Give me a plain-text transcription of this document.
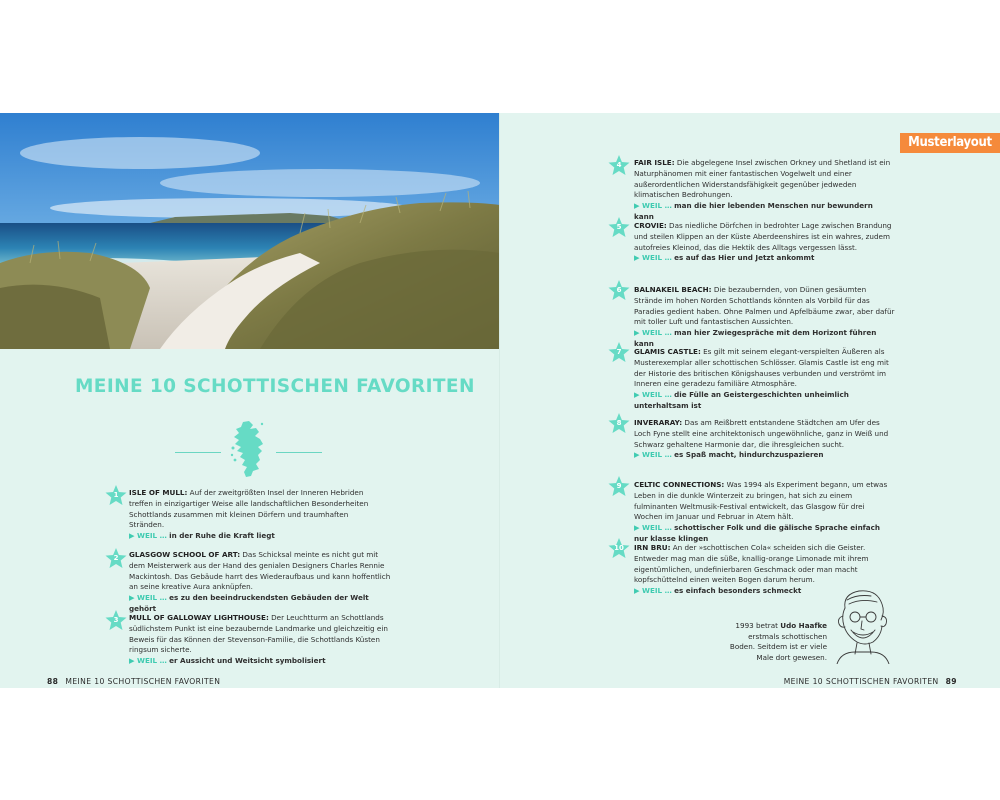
MEINE 10 SCHOTTISCHEN FAVORITEN
1	ISLE OF MULL: Auf der zweitgrößten Insel der Inneren Hebriden treffen in einzigartiger Weise alle landschaftlichen Besonderheiten Schottlands zusammen mit kleinen Dörfern und traumhaften Stränden.

▶ WEIL … in der Ruhe die Kraft liegt

2	GLASGOW SCHOOL OF ART: Das Schicksal meinte es nicht gut mit dem Meisterwerk aus der Hand des genialen Designers Charles Rennie Mackintosh. Das Gebäude harrt des Wiederaufbaus und kann hoffentlich an seine kreative Aura anknüpfen.

▶ WEIL … es zu den beeindruckendsten Gebäuden der Welt gehört

3	MULL OF GALLOWAY LIGHTHOUSE: Der Leuchtturm an Schottlands südlichstem Punkt ist eine bezaubernde Landmarke und gleichzeitig ein Beweis für das Können der Stevenson-Familie, die Schottlands Küsten ringsum sicherte.

▶ WEIL … er Aussicht und Weitsicht symbolisiert

88 MEINE 10 SCHOTTISCHEN FAVORITEN
Musterlayout
4	FAIR ISLE: Die abgelegene Insel zwischen Orkney und Shetland ist ein Naturphänomen mit einer fantastischen Vogelwelt und einer außerordentlichen Widerstandsfähigkeit gegenüber jedweden klimatischen Bedrohungen.

▶ WEIL … man die hier lebenden Menschen nur bewundern kann

5	CROVIE: Das niedliche Dörfchen in bedrohter Lage zwischen Brandung und steilen Klippen an der Küste Aberdeenshires ist ein wahres, zudem autofreies Kleinod, das die Hektik des Alltags vergessen lässt.

▶ WEIL … es auf das Hier und Jetzt ankommt

6	BALNAKEIL BEACH: Die bezaubernden, von Dünen gesäumten Strände im hohen Norden Schottlands könnten als Vorbild für das Paradies gedient haben. Ohne Palmen und Apfelbäume zwar, aber dafür mit toller Luft und fantastischen Aussichten.

▶ WEIL … man hier Zwiegespräche mit dem Horizont führen kann

7	GLAMIS CASTLE: Es gilt mit seinem elegant-verspielten Äußeren als Musterexemplar aller schottischen Schlösser. Glamis Castle ist eng mit der Historie des britischen Königshauses verbunden und verströmt im Inneren eine geradezu familiäre Atmosphäre.

▶ WEIL … die Fülle an Geistergeschichten unheimlich unterhaltsam ist

8	INVERARAY: Das am Reißbrett entstandene Städtchen am Ufer des Loch Fyne stellt eine architektonisch ungewöhnliche, ganz in Weiß und Schwarz gehaltene Harmonie dar, die ihresgleichen sucht.

▶ WEIL … es Spaß macht, hindurchzuspazieren

9	CELTIC CONNECTIONS: Was 1994 als Experiment begann, um etwas Leben in die dunkle Winterzeit zu bringen, hat sich zu einem fulminanten Weltmusik-Festival entwickelt, das Glasgow für drei Wochen im Januar und Februar in Atem hält.

▶ WEIL … schottischer Folk und die gälische Sprache einfach nur klasse klingen

10	IRN BRU: An der »schottischen Cola« scheiden sich die Geister. Entweder mag man die süße, knallig-orange Limonade mit ihrem eigentümlichen, undefinierbaren Geschmack oder man macht kopfschüttelnd einen weiten Bogen darum herum.

▶ WEIL … es einfach besonders schmeckt

1993 betrat Udo Haafke erstmals schottischen Boden. Seitdem ist er viele Male dort gewesen.
MEINE 10 SCHOTTISCHEN FAVORITEN 89
